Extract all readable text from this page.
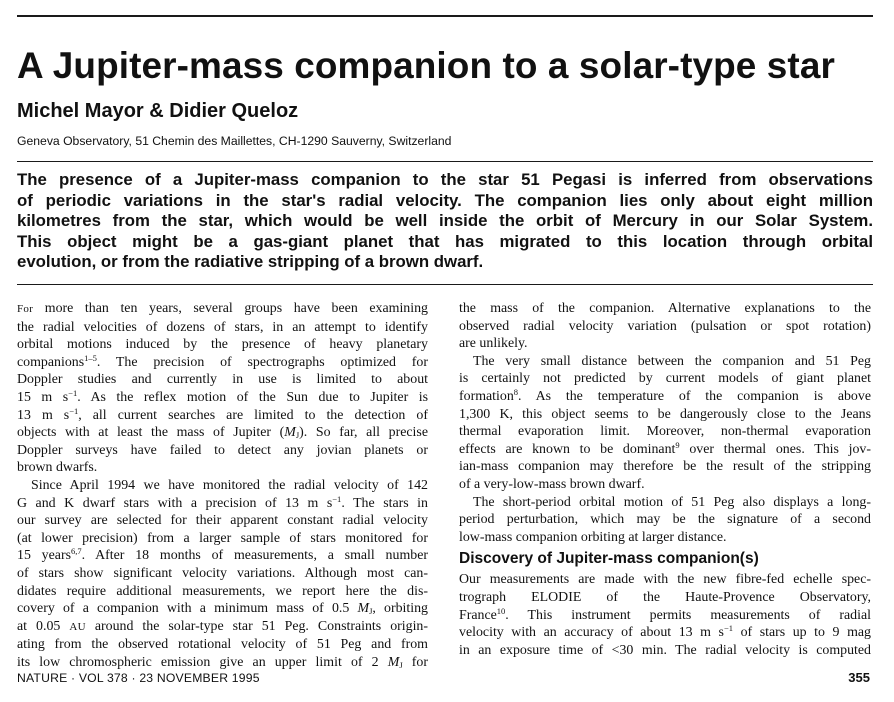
A Jupiter-mass companion to a solar-type star
Michel Mayor & Didier Queloz
Geneva Observatory, 51 Chemin des Maillettes, CH-1290 Sauverny, Switzerland
The presence of a Jupiter-mass companion to the star 51 Pegasi is inferred from observations
of periodic variations in the star's radial velocity. The companion lies only about eight million
kilometres from the star, which would be well inside the orbit of Mercury in our Solar System.
This object might be a gas-giant planet that has migrated to this location through orbital
evolution, or from the radiative stripping of a brown dwarf.
For more than ten years, several groups have been examining
the radial velocities of dozens of stars, in an attempt to identify
orbital motions induced by the presence of heavy planetary
companions$^{1-5}$. The precision of spectrographs optimized for
Doppler studies and currently in use is limited to about
15 m $s^{-1}$. As the reflex motion of the Sun due to Jupiter is
13 m $s^{-1}$, all current searches are limited to the detection of
objects with at least the mass of Jupiter $(M_J)$. So far, all precise
Doppler surveys have failed to detect any jovian planets or
brown dwarfs.
Since April 1994 we have monitored the radial velocity of 142
G and K dwarf stars with a precision of 13 m $s^{-1}$. The stars in
our survey are selected for their apparent constant radial velocity
(at lower precision) from a larger sample of stars monitored for
15 years$^{6,7}$. After 18 months of measurements, a small number
of stars show significant velocity variations. Although most can-
didates require additional measurements, we report here the dis-
covery of a companion with a minimum mass of 0.5 $M_J$, orbiting
at 0.05 AU around the solar-type star 51 Peg. Constraints origin-
ating from the observed rotational velocity of 51 Peg and from
its low chromospheric emission give an upper limit of 2 $M_J$ for
the mass of the companion. Alternative explanations to the
observed radial velocity variation (pulsation or spot rotation)
are unlikely.
The very small distance between the companion and 51 Peg
is certainly not predicted by current models of giant planet
formation$^8$. As the temperature of the companion is above
1,300 K, this object seems to be dangerously close to the Jeans
thermal evaporation limit. Moreover, non-thermal evaporation
effects are known to be dominant$^9$ over thermal ones. This jov-
ian-mass companion may therefore be the result of the stripping
of a very-low-mass brown dwarf.
The short-period orbital motion of 51 Peg also displays a long-
period perturbation, which may be the signature of a second
low-mass companion orbiting at larger distance.
Discovery of Jupiter-mass companion(s)
Our measurements are made with the new fibre-fed echelle spec-
trograph ELODIE of the Haute-Provence Observatory,
France$^{10}$. This instrument permits measurements of radial
velocity with an accuracy of about 13 m $s^{-1}$ of stars up to 9 mag
in an exposure time of <30 min. The radial velocity is computed
NATURE · VOL 378 · 23 NOVEMBER 1995	355
